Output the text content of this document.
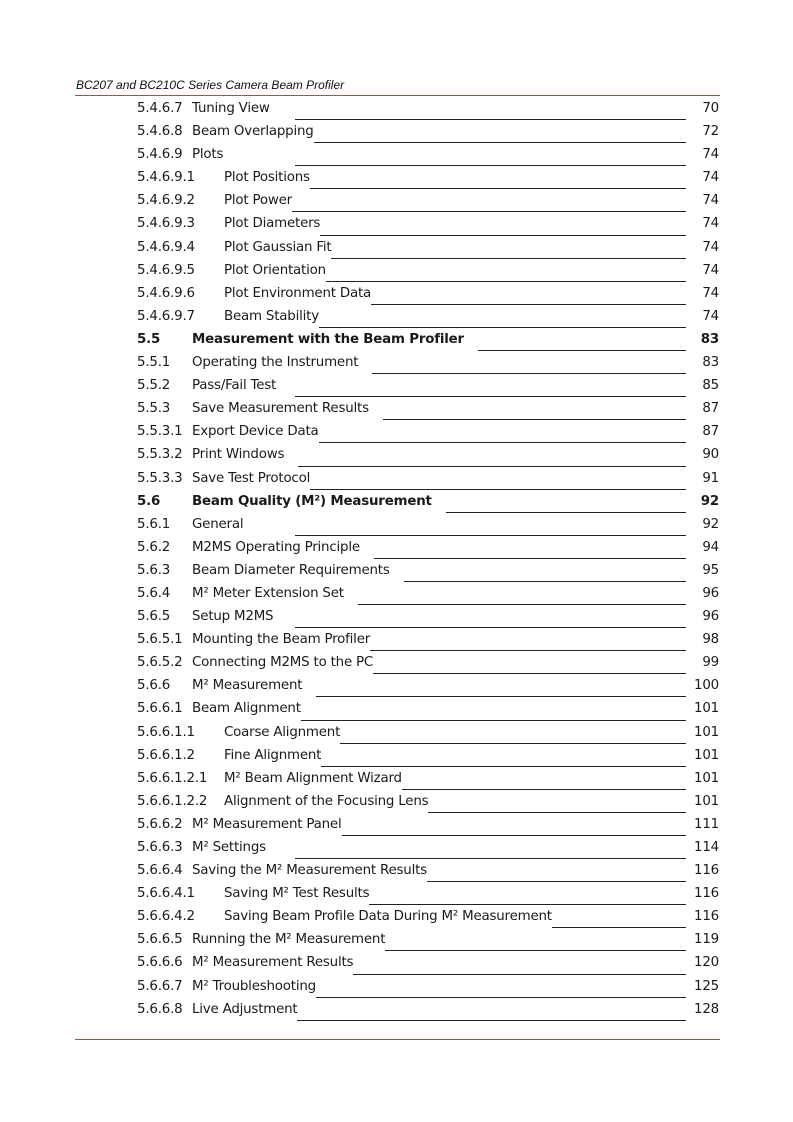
BC207 and BC210C Series Camera Beam Profiler
5.4.6.7 Tuning View	70
5.4.6.8 Beam Overlapping	72
5.4.6.9 Plots	74
5.4.6.9.1 Plot Positions	74
5.4.6.9.2 Plot Power	74
5.4.6.9.3 Plot Diameters	74
5.4.6.9.4 Plot Gaussian Fit	74
5.4.6.9.5 Plot Orientation	74
5.4.6.9.6 Plot Environment Data	74
5.4.6.9.7 Beam Stability	74
5.5 Measurement with the Beam Profiler	83
5.5.1 Operating the Instrument	83
5.5.2 Pass/Fail Test	85
5.5.3 Save Measurement Results	87
5.5.3.1 Export Device Data	87
5.5.3.2 Print Windows	90
5.5.3.3 Save Test Protocol	91
5.6 Beam Quality (M²) Measurement	92
5.6.1 General	92
5.6.2 M2MS Operating Principle	94
5.6.3 Beam Diameter Requirements	95
5.6.4 M² Meter Extension Set	96
5.6.5 Setup M2MS	96
5.6.5.1 Mounting the Beam Profiler	98
5.6.5.2 Connecting M2MS to the PC	99
5.6.6 M² Measurement	100
5.6.6.1 Beam Alignment	101
5.6.6.1.1 Coarse Alignment	101
5.6.6.1.2 Fine Alignment	101
5.6.6.1.2.1 M² Beam Alignment Wizard	101
5.6.6.1.2.2 Alignment of the Focusing Lens	101
5.6.6.2 M² Measurement Panel	111
5.6.6.3 M² Settings	114
5.6.6.4 Saving the M² Measurement Results	116
5.6.6.4.1 Saving M² Test Results	116
5.6.6.4.2 Saving Beam Profile Data During M² Measurement	116
5.6.6.5 Running the M² Measurement	119
5.6.6.6 M² Measurement Results	120
5.6.6.7 M² Troubleshooting	125
5.6.6.8 Live Adjustment	128
